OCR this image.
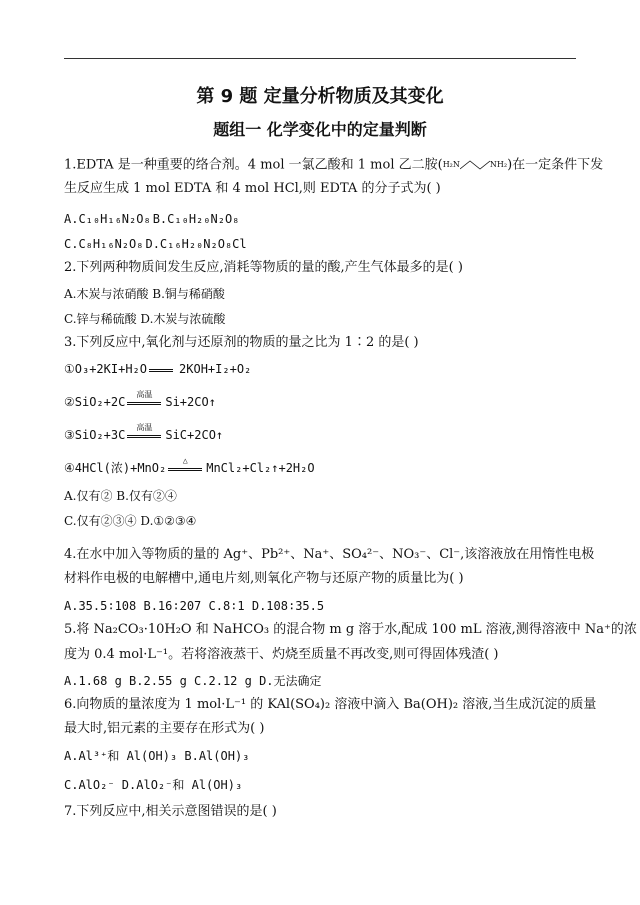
第 9 题 定量分析物质及其变化
题组一 化学变化中的定量判断
1.EDTA 是一种重要的络合剂。4 mol 一氯乙酸和 1 mol 乙二胺(H₂N	NH₂)在一定条件下发
生反应生成 1 mol EDTA 和 4 mol HCl,则 EDTA 的分子式为( )
A.C₁₀H₁₆N₂O₈ B.C₁₀H₂₀N₂O₈
C.C₈H₁₆N₂O₈ D.C₁₆H₂₀N₂O₈Cl
2.下列两种物质间发生反应,消耗等物质的量的酸,产生气体最多的是( )
A.木炭与浓硝酸 B.铜与稀硝酸
C.锌与稀硫酸 D.木炭与浓硫酸
3.下列反应中,氧化剂与还原剂的物质的量之比为 1∶2 的是( )
①O₃+2KI+H₂O	2KOH+I₂+O₂
②SiO₂+2C
高温
Si+2CO↑
③SiO₂+3C
高温
SiC+2CO↑
④4HCl(浓)+MnO₂
△
MnCl₂+Cl₂↑+2H₂O
A.仅有② B.仅有②④
C.仅有②③④ D.①②③④
4.在水中加入等物质的量的 Ag⁺、Pb²⁺、Na⁺、SO₄²⁻、NO₃⁻、Cl⁻,该溶液放在用惰性电极
材料作电极的电解槽中,通电片刻,则氧化产物与还原产物的质量比为( )
A.35.5∶108 B.16∶207 C.8∶1 D.108∶35.5
5.将 Na₂CO₃·10H₂O 和 NaHCO₃ 的混合物 m g 溶于水,配成 100 mL 溶液,测得溶液中 Na⁺的浓
度为 0.4 mol·L⁻¹。若将溶液蒸干、灼烧至质量不再改变,则可得固体残渣( )
A.1.68 g B.2.55 g C.2.12 g D.无法确定
6.向物质的量浓度为 1 mol·L⁻¹ 的 KAl(SO₄)₂ 溶液中滴入 Ba(OH)₂ 溶液,当生成沉淀的质量
最大时,铝元素的主要存在形式为( )
A.Al³⁺和 Al(OH)₃ B.Al(OH)₃
C.AlO₂⁻ D.AlO₂⁻和 Al(OH)₃
7.下列反应中,相关示意图错误的是( )
